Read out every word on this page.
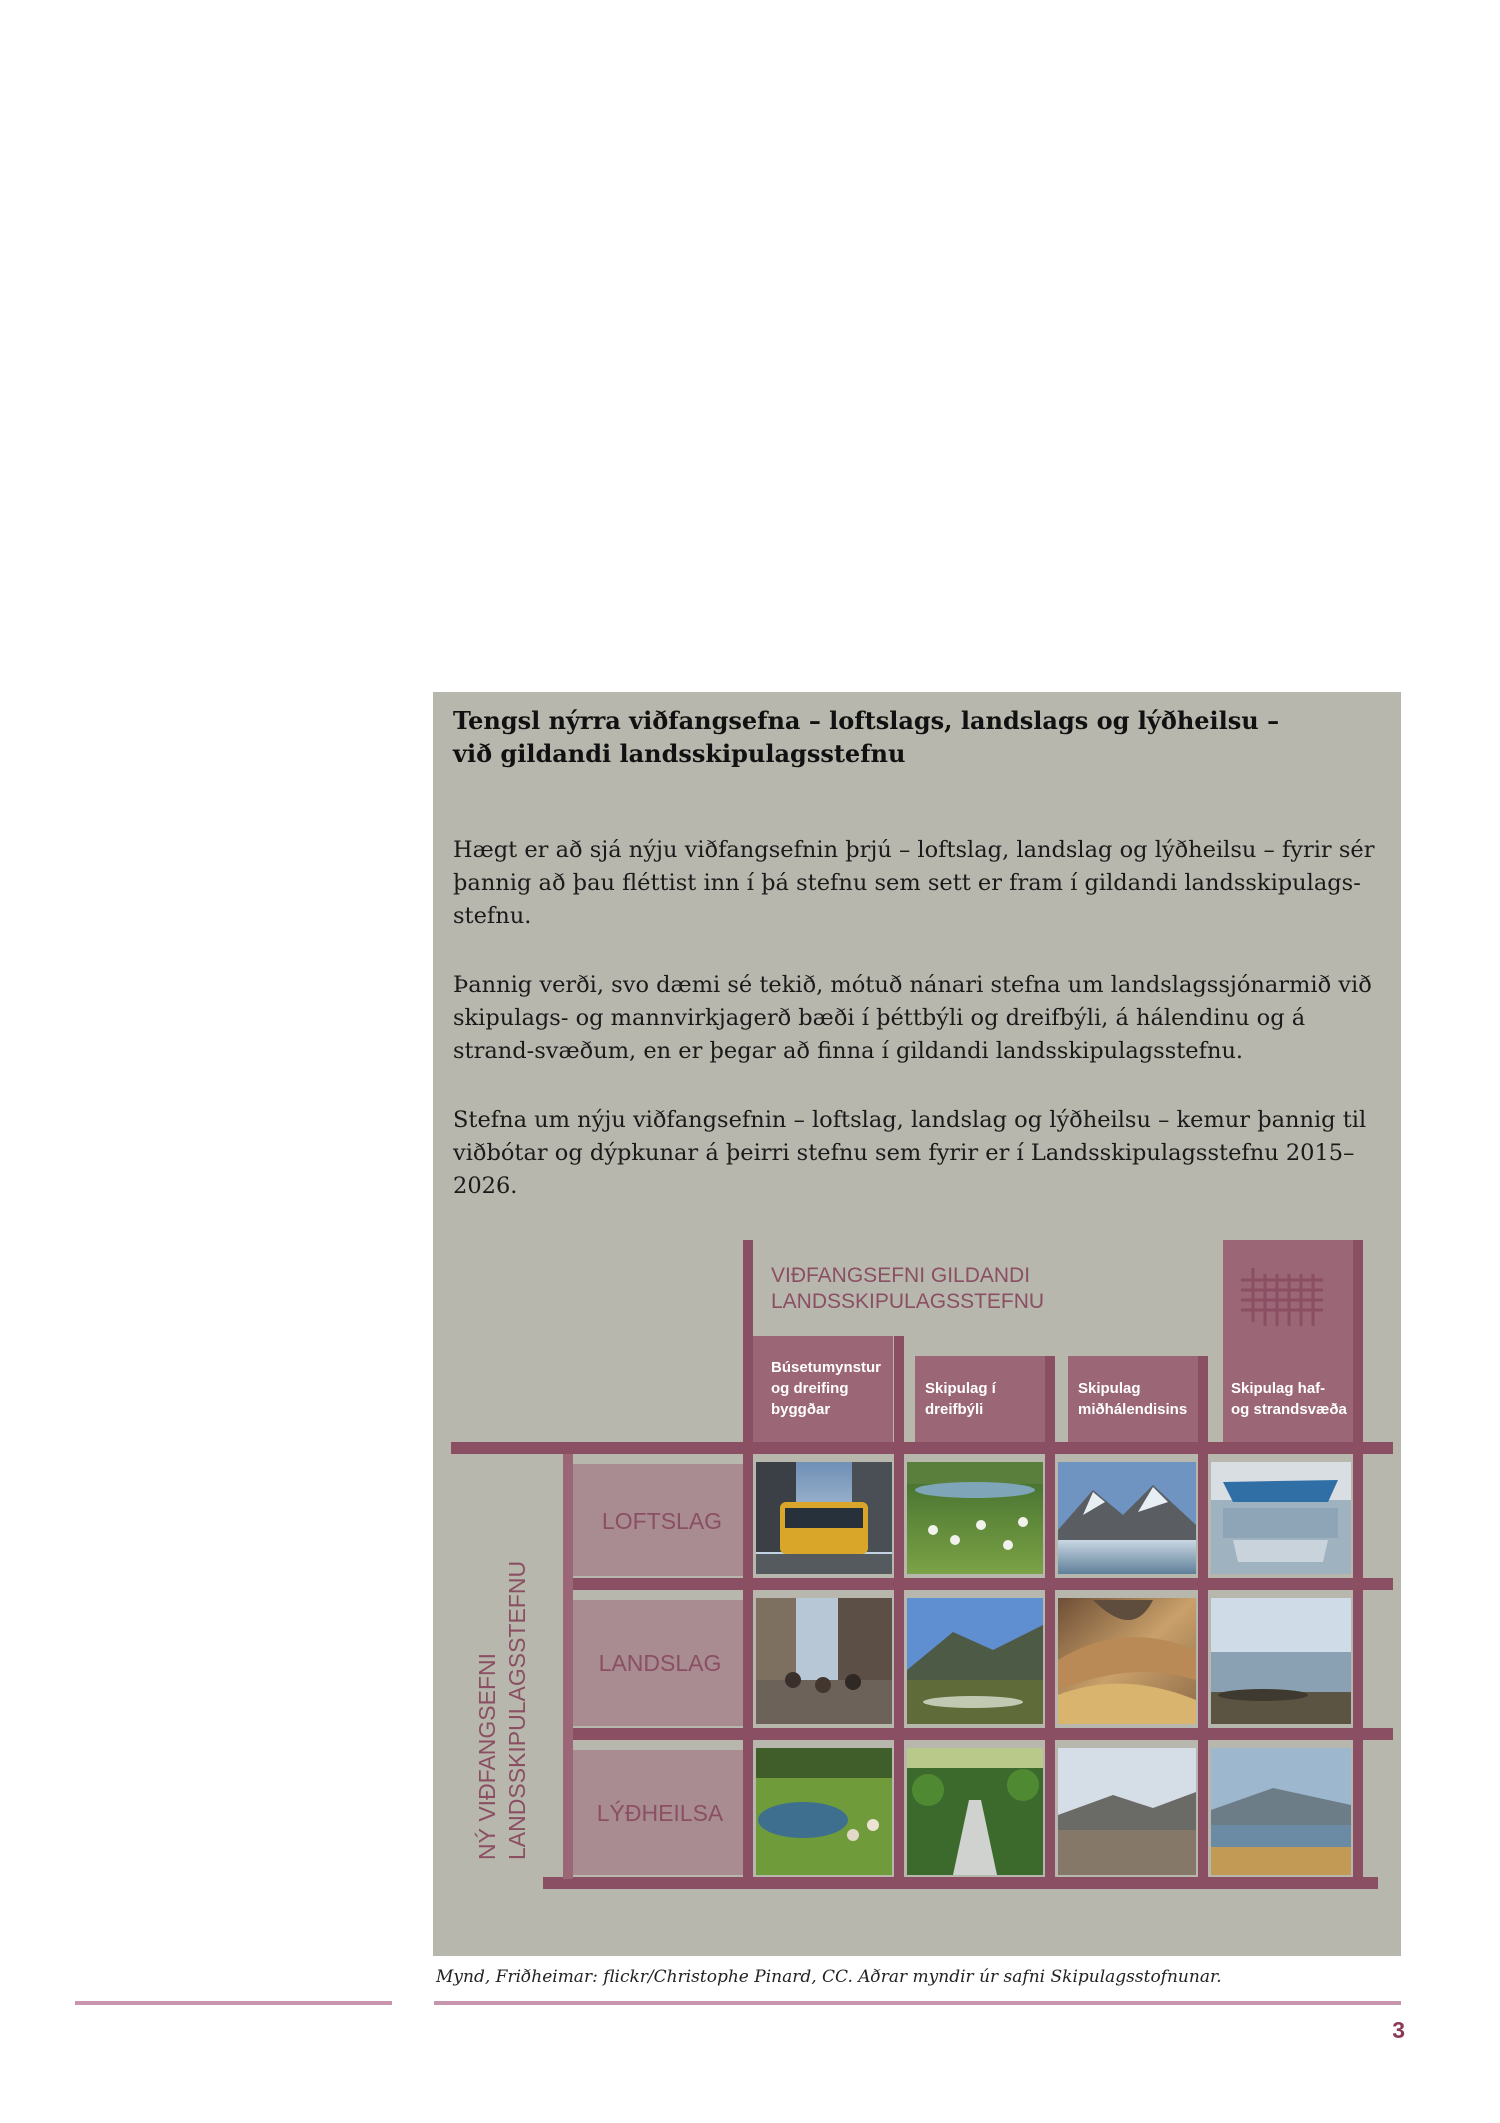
Tengsl nýrra viðfangsefna – loftslags, landslags og lýðheilsu –
við gildandi landsskipulagsstefnu

Hægt er að sjá nýju viðfangsefnin þrjú – loftslag, landslag og lýðheilsu – fyrir sér þannig að þau fléttist inn í þá stefnu sem sett er fram í gildandi landsskipulags-stefnu.

Þannig verði, svo dæmi sé tekið, mótuð nánari stefna um landslagssjónarmið við skipulags- og mannvirkjagerð bæði í þéttbýli og dreifbýli, á hálendinu og á strand-svæðum, en er þegar að finna í gildandi landsskipulagsstefnu.

Stefna um nýju viðfangsefnin – loftslag, landslag og lýðheilsu – kemur þannig til viðbótar og dýpkunar á þeirri stefnu sem fyrir er í Landsskipulagsstefnu 2015–2026.

VIÐFANGSEFNI GILDANDI
LANDSSKIPULAGSSTEFNU
Búsetumynstur
og dreifing
byggðar
Skipulag í
dreifbýli
Skipulag
miðhálendisins
Skipulag haf-
og strandsvæða
LOFTSLAG
LANDSLAG
LÝÐHEILSA
NÝ VIÐFANGSEFNI LANDSSKIPULAGSSTEFNU
Mynd, Friðheimar: flickr/Christophe Pinard, CC. Aðrar myndir úr safni Skipulagsstofnunar.
3
